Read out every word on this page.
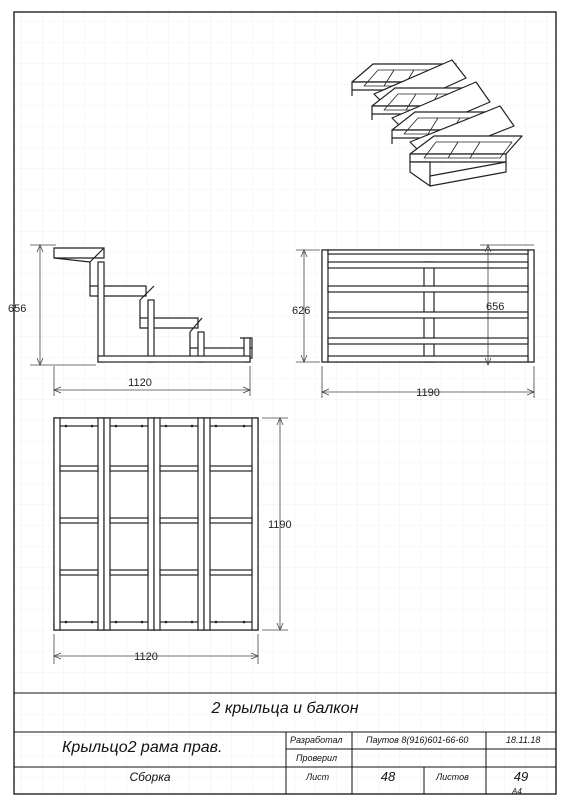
656
1120
626	656
1190
1190
1120
2 крыльца и балкон
Крыльцо2 рама прав.
Сборка
Разработал	Паутов 8(916)601-66-60	18.11.18
Проверил
Лист	48	Листов	49
A4
